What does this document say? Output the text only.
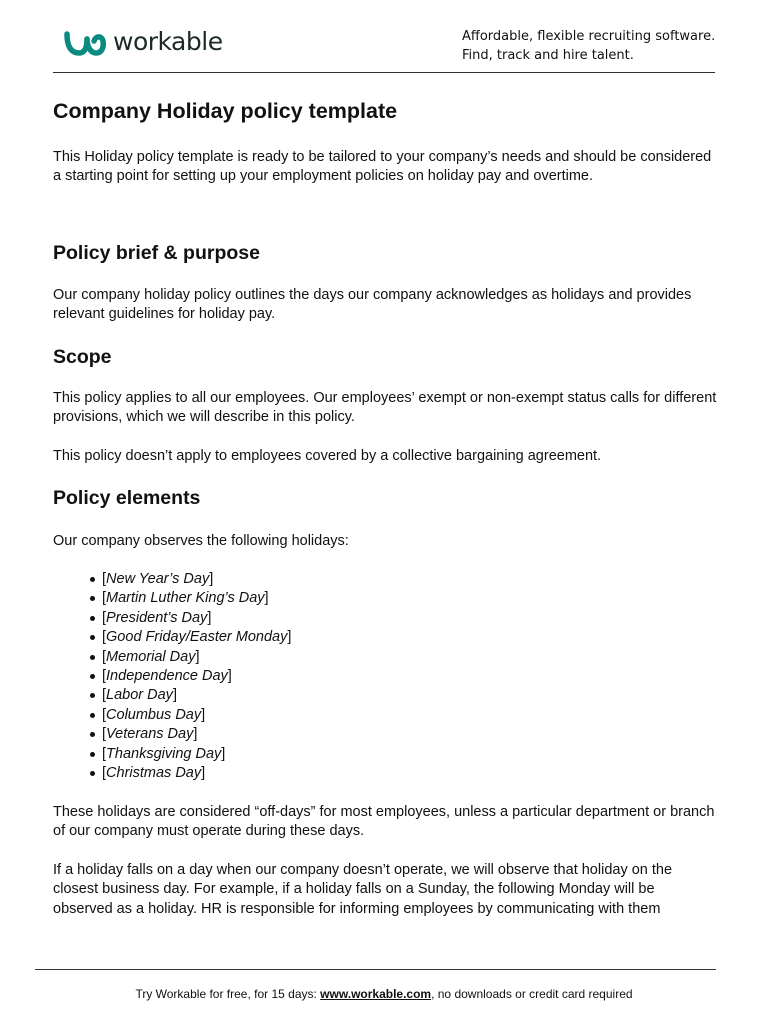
workable	Affordable, flexible recruiting software.
Find, track and hire talent.
Company Holiday policy template

This Holiday policy template is ready to be tailored to your company’s needs and should be considered a starting point for setting up your employment policies on holiday pay and overtime.

Policy brief & purpose

Our company holiday policy outlines the days our company acknowledges as holidays and provides relevant guidelines for holiday pay.

Scope

This policy applies to all our employees. Our employees’ exempt or non-exempt status calls for different provisions, which we will describe in this policy.

This policy doesn’t apply to employees covered by a collective bargaining agreement.

Policy elements

Our company observes the following holidays:

[New Year’s Day]
[Martin Luther King’s Day]
[President’s Day]
[Good Friday/Easter Monday]
[Memorial Day]
[Independence Day]
[Labor Day]
[Columbus Day]
[Veterans Day]
[Thanksgiving Day]
[Christmas Day]

These holidays are considered “off-days” for most employees, unless a particular department or branch of our company must operate during these days.

If a holiday falls on a day when our company doesn’t operate, we will observe that holiday on the closest business day. For example, if a holiday falls on a Sunday, the following Monday will be observed as a holiday. HR is responsible for informing employees by communicating with them

Try Workable for free, for 15 days: www.workable.com, no downloads or credit card required
